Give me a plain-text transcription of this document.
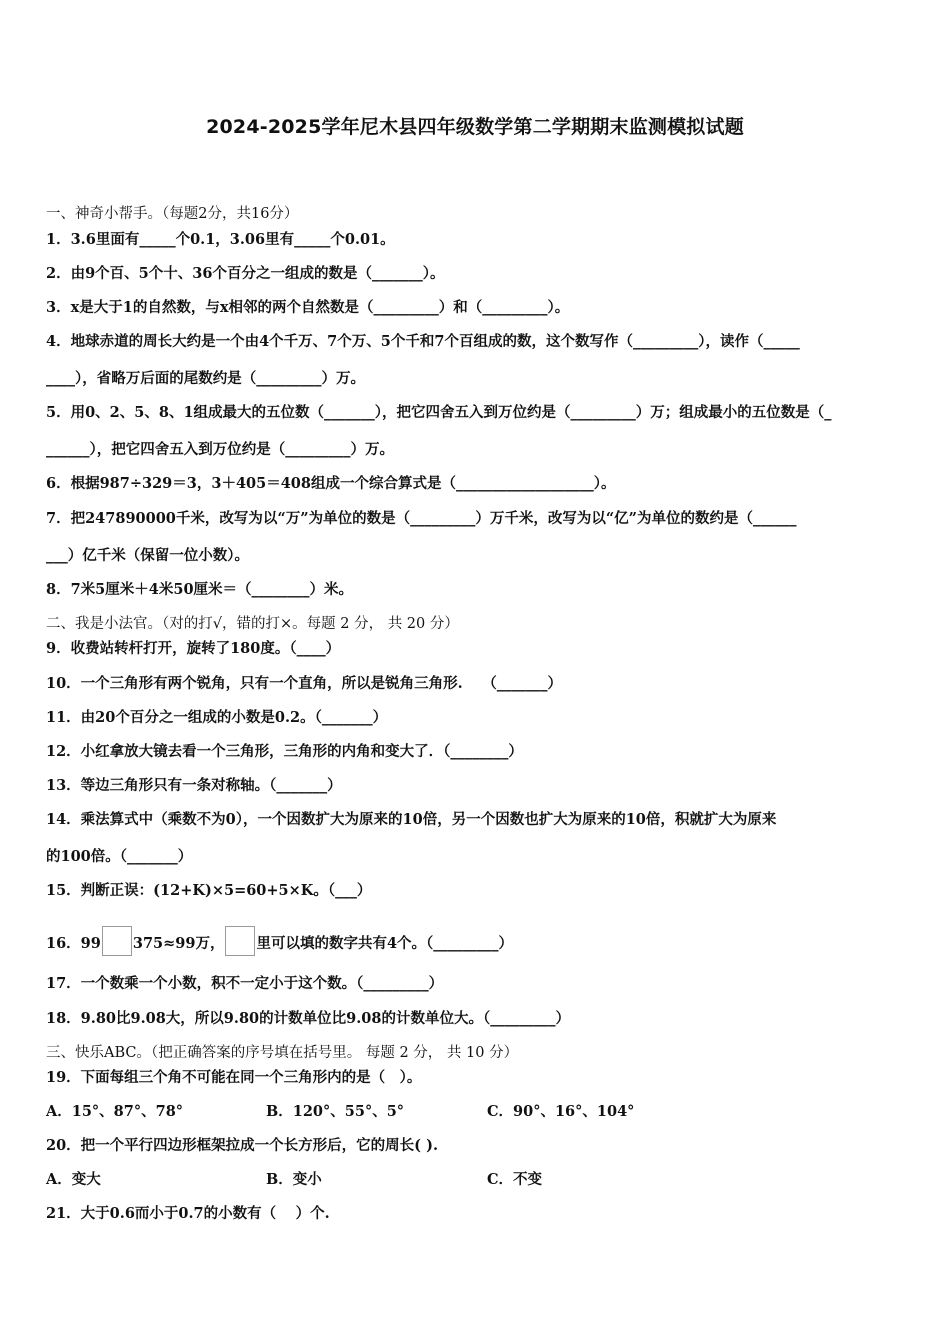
2024-2025学年尼木县四年级数学第二学期期末监测模拟试题
一、神奇小帮手。（每题2分，共16分）
1．3.6里面有_____个0.1，3.06里有_____个0.01。
2．由9个百、5个十、36个百分之一组成的数是（_______）。
3．x是大于1的自然数，与x相邻的两个自然数是（_________）和（_________）。
4．地球赤道的周长大约是一个由4个千万、7个万、5个千和7个百组成的数，这个数写作（_________），读作（_____
____），省略万后面的尾数约是（_________）万。
5．用0、2、5、8、1组成最大的五位数（_______），把它四舍五入到万位约是（_________）万；组成最小的五位数是（_
______），把它四舍五入到万位约是（_________）万。
6．根据987÷329＝3，3＋405＝408组成一个综合算式是（___________________）。
7．把247890000千米，改写为以“万”为单位的数是（_________）万千米，改写为以“亿”为单位的数约是（______
___）亿千米（保留一位小数）。
8．7米5厘米＋4米50厘米＝（________）米。
二、我是小法官。（对的打√，错的打×。每题 2 分， 共 20 分）
9．收费站转杆打开，旋转了180度。（____）
10．一个三角形有两个锐角，只有一个直角，所以是锐角三角形.　 （_______）
11．由20个百分之一组成的小数是0.2。（_______）
12．小红拿放大镜去看一个三角形，三角形的内角和变大了．（________）
13．等边三角形只有一条对称轴。（_______）
14．乘法算式中（乘数不为0），一个因数扩大为原来的10倍，另一个因数也扩大为原来的10倍，积就扩大为原来
的100倍。（_______）
15．判断正误：(12+K)×5=60+5×K。（___）
16．99 375≈99万， 里可以填的数字共有4个。（_________）
17．一个数乘一个小数，积不一定小于这个数。（_________）
18．9.80比9.08大，所以9.80的计数单位比9.08的计数单位大。（_________）
三、快乐ABC。（把正确答案的序号填在括号里。 每题 2 分， 共 10 分）
19．下面每组三个角不可能在同一个三角形内的是（　）。
A．15°、87°、78°	B．120°、55°、5°	C．90°、16°、104°
20．把一个平行四边形框架拉成一个长方形后，它的周长( ).
A．变大	B．变小	C．不变
21．大于0.6而小于0.7的小数有（　 ）个.
